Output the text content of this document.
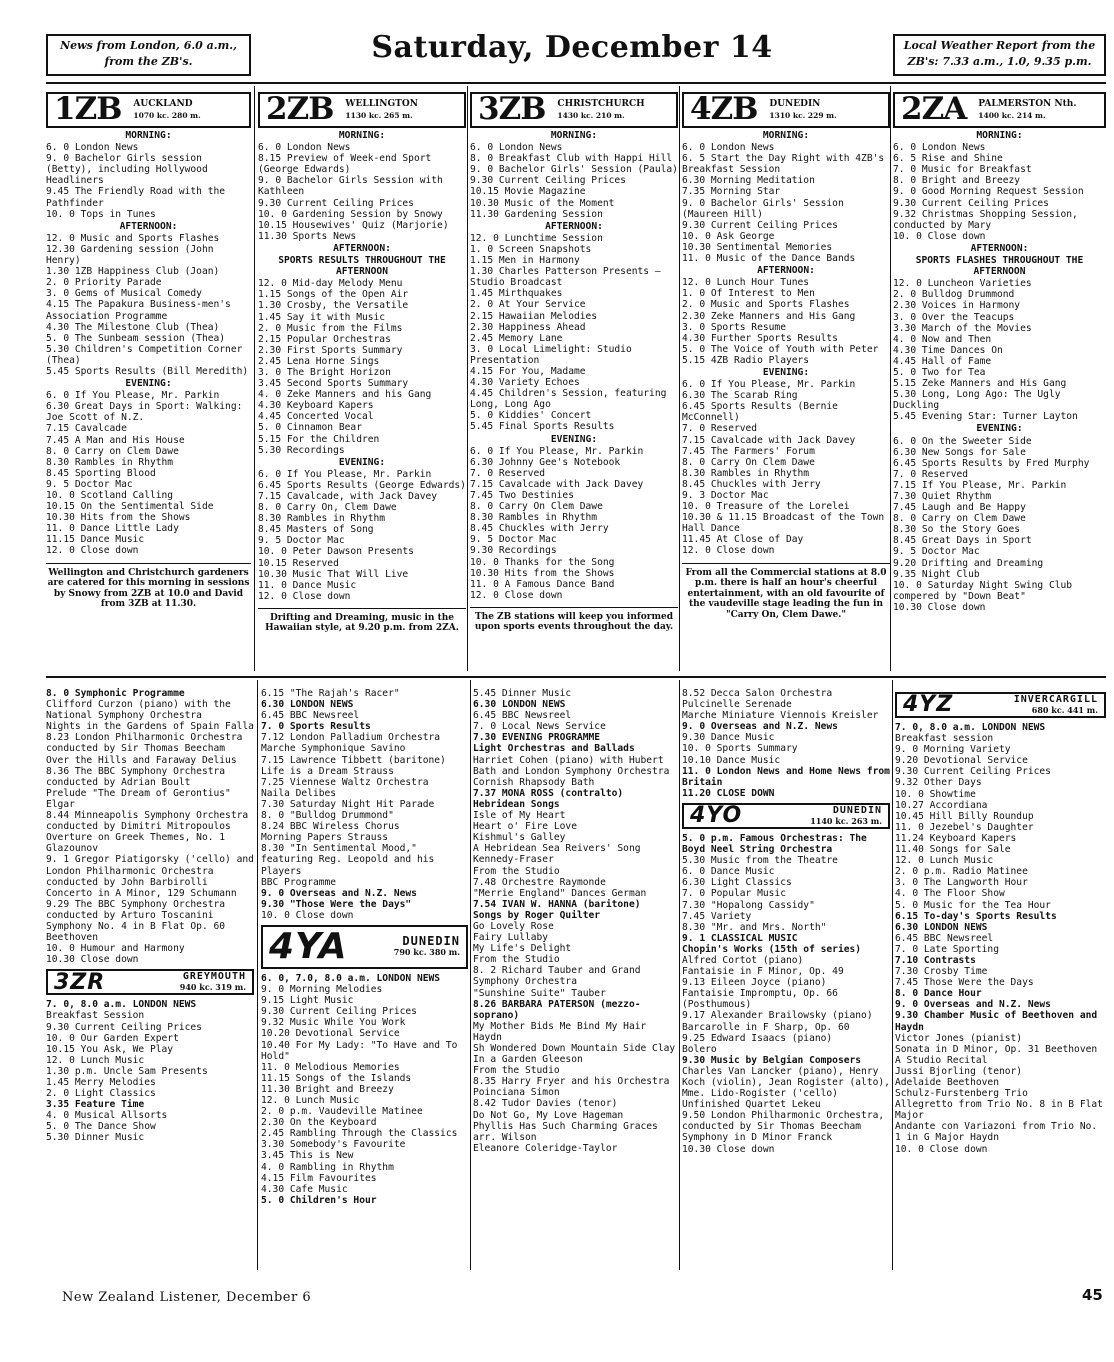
News from London, 6.0 a.m., from the ZB's.	Saturday, December 14	Local Weather Report from the ZB's: 7.33 a.m., 1.0, 9.35 p.m.
1ZB	AUCKLAND
1070 kc. 280 m.
MORNING:
6. 0 London News
9. 0 Bachelor Girls session (Betty), including Hollywood Headliners
9.45 The Friendly Road with the Pathfinder
10. 0 Tops in Tunes
AFTERNOON:
12. 0 Music and Sports Flashes
12.30 Gardening session (John Henry)
1.30 1ZB Happiness Club (Joan)
2. 0 Priority Parade
3. 0 Gems of Musical Comedy
4.15 The Papakura Business-men's Association Programme
4.30 The Milestone Club (Thea)
5. 0 The Sunbeam session (Thea)
5.30 Children's Competition Corner (Thea)
5.45 Sports Results (Bill Meredith)
EVENING:
6. 0 If You Please, Mr. Parkin
6.30 Great Days in Sport: Walking: Joe Scott of N.Z.
7.15 Cavalcade
7.45 A Man and His House
8. 0 Carry on Clem Dawe
8.30 Rambles in Rhythm
8.45 Sporting Blood
9. 5 Doctor Mac
10. 0 Scotland Calling
10.15 On the Sentimental Side
10.30 Hits from the Shows
11. 0 Dance Little Lady
11.15 Dance Music
12. 0 Close down
Wellington and Christchurch gardeners are catered for this morning in sessions by Snowy from 2ZB at 10.0 and David from 3ZB at 11.30.
2ZB	WELLINGTON
1130 kc. 265 m.
MORNING:
6. 0 London News
8.15 Preview of Week-end Sport (George Edwards)
9. 0 Bachelor Girls Session with Kathleen
9.30 Current Ceiling Prices
10. 0 Gardening Session by Snowy
10.15 Housewives' Quiz (Marjorie)
11.30 Sports News
AFTERNOON:
SPORTS RESULTS THROUGHOUT THE AFTERNOON
12. 0 Mid-day Melody Menu
1.15 Songs of the Open Air
1.30 Crosby, the Versatile
1.45 Say it with Music
2. 0 Music from the Films
2.15 Popular Orchestras
2.30 First Sports Summary
2.45 Lena Horne Sings
3. 0 The Bright Horizon
3.45 Second Sports Summary
4. 0 Zeke Manners and his Gang
4.30 Keyboard Kapers
4.45 Concerted Vocal
5. 0 Cinnamon Bear
5.15 For the Children
5.30 Recordings
EVENING:
6. 0 If You Please, Mr. Parkin
6.45 Sports Results (George Edwards)
7.15 Cavalcade, with Jack Davey
8. 0 Carry On, Clem Dawe
8.30 Rambles in Rhythm
8.45 Masters of Song
9. 5 Doctor Mac
10. 0 Peter Dawson Presents
10.15 Reserved
10.30 Music That Will Live
11. 0 Dance Music
12. 0 Close down
Drifting and Dreaming, music in the Hawaiian style, at 9.20 p.m. from 2ZA.
3ZB	CHRISTCHURCH
1430 kc. 210 m.
MORNING:
6. 0 London News
8. 0 Breakfast Club with Happi Hill
9. 0 Bachelor Girls' Session (Paula)
9.30 Current Ceiling Prices
10.15 Movie Magazine
10.30 Music of the Moment
11.30 Gardening Session
AFTERNOON:
12. 0 Lunchtime Session
1. 0 Screen Snapshots
1.15 Men in Harmony
1.30 Charles Patterson Presents —Studio Broadcast
1.45 Mirthquakes
2. 0 At Your Service
2.15 Hawaiian Melodies
2.30 Happiness Ahead
2.45 Memory Lane
3. 0 Local Limelight: Studio Presentation
4.15 For You, Madame
4.30 Variety Echoes
4.45 Children's Session, featuring Long, Long Ago
5. 0 Kiddies' Concert
5.45 Final Sports Results
EVENING:
6. 0 If You Please, Mr. Parkin
6.30 Johnny Gee's Notebook
7. 0 Reserved
7.15 Cavalcade with Jack Davey
7.45 Two Destinies
8. 0 Carry On Clem Dawe
8.30 Rambles in Rhythm
8.45 Chuckles with Jerry
9. 5 Doctor Mac
9.30 Recordings
10. 0 Thanks for the Song
10.30 Hits from the Shows
11. 0 A Famous Dance Band
12. 0 Close down
The ZB stations will keep you informed upon sports events throughout the day.
4ZB	DUNEDIN
1310 kc. 229 m.
MORNING:
6. 0 London News
6. 5 Start the Day Right with 4ZB's Breakfast Session
6.30 Morning Meditation
7.35 Morning Star
9. 0 Bachelor Girls' Session (Maureen Hill)
9.30 Current Ceiling Prices
10. 0 Ask George
10.30 Sentimental Memories
11. 0 Music of the Dance Bands
AFTERNOON:
12. 0 Lunch Hour Tunes
1. 0 Of Interest to Men
2. 0 Music and Sports Flashes
2.30 Zeke Manners and His Gang
3. 0 Sports Resume
4.30 Further Sports Results
5. 0 The Voice of Youth with Peter
5.15 4ZB Radio Players
EVENING:
6. 0 If You Please, Mr. Parkin
6.30 The Scarab Ring
6.45 Sports Results (Bernie McConnell)
7. 0 Reserved
7.15 Cavalcade with Jack Davey
7.45 The Farmers' Forum
8. 0 Carry On Clem Dawe
8.30 Rambles in Rhythm
8.45 Chuckles with Jerry
9. 3 Doctor Mac
10. 0 Treasure of the Lorelei
10.30 & 11.15 Broadcast of the Town Hall Dance
11.45 At Close of Day
12. 0 Close down
From all the Commercial stations at 8.0 p.m. there is half an hour's cheerful entertainment, with an old favourite of the vaudeville stage leading the fun in "Carry On, Clem Dawe."
2ZA	PALMERSTON Nth.
1400 kc. 214 m.
MORNING:
6. 0 London News
6. 5 Rise and Shine
7. 0 Music for Breakfast
8. 0 Bright and Breezy
9. 0 Good Morning Request Session
9.30 Current Ceiling Prices
9.32 Christmas Shopping Session, conducted by Mary
10. 0 Close down
AFTERNOON:
SPORTS FLASHES THROUGHOUT THE AFTERNOON
12. 0 Luncheon Varieties
2. 0 Bulldog Drummond
2.30 Voices in Harmony
3. 0 Over the Teacups
3.30 March of the Movies
4. 0 Now and Then
4.30 Time Dances On
4.45 Hall of Fame
5. 0 Two for Tea
5.15 Zeke Manners and His Gang
5.30 Long, Long Ago: The Ugly Duckling
5.45 Evening Star: Turner Layton
EVENING:
6. 0 On the Sweeter Side
6.30 New Songs for Sale
6.45 Sports Results by Fred Murphy
7. 0 Reserved
7.15 If You Please, Mr. Parkin
7.30 Quiet Rhythm
7.45 Laugh and Be Happy
8. 0 Carry on Clem Dawe
8.30 So the Story Goes
8.45 Great Days in Sport
9. 5 Doctor Mac
9.20 Drifting and Dreaming
9.35 Night Club
10. 0 Saturday Night Swing Club compered by "Down Beat"
10.30 Close down
8. 0 Symphonic Programme
Clifford Curzon (piano) with the National Symphony Orchestra
Nights in the Gardens of Spain Falla
8.23 London Philharmonic Orchestra conducted by Sir Thomas Beecham
Over the Hills and Faraway Delius
8.36 The BBC Symphony Orchestra conducted by Adrian Boult
Prelude "The Dream of Gerontius" Elgar
8.44 Minneapolis Symphony Orchestra conducted by Dimitri Mitropoulos
Overture on Greek Themes, No. 1 Glazounov
9. 1 Gregor Piatigorsky ('cello) and London Philharmonic Orchestra conducted by John Barbirolli
Concerto in A Minor, 129 Schumann
9.29 The BBC Symphony Orchestra conducted by Arturo Toscanini
Symphony No. 4 in B Flat Op. 60 Beethoven
10. 0 Humour and Harmony
10.30 Close down
3ZR	GREYMOUTH
940 kc. 319 m.
7. 0, 8.0 a.m. LONDON NEWS
Breakfast Session
9.30 Current Ceiling Prices
10. 0 Our Garden Expert
10.15 You Ask, We Play
12. 0 Lunch Music
1.30 p.m. Uncle Sam Presents
1.45 Merry Melodies
2. 0 Light Classics
3.35 Feature Time
4. 0 Musical Allsorts
5. 0 The Dance Show
5.30 Dinner Music
6.15 "The Rajah's Racer"
6.30 LONDON NEWS
6.45 BBC Newsreel
7. 0 Sports Results
7.12 London Palladium Orchestra
Marche Symphonique Savino
7.15 Lawrence Tibbett (baritone)
Life is a Dream Strauss
7.25 Viennese Waltz Orchestra
Naila Delibes
7.30 Saturday Night Hit Parade
8. 0 "Bulldog Drummond"
8.24 BBC Wireless Chorus
Morning Papers Strauss
8.30 "In Sentimental Mood," featuring Reg. Leopold and his Players
BBC Programme
9. 0 Overseas and N.Z. News
9.30 "Those Were the Days"
10. 0 Close down
4YA	DUNEDIN
790 kc. 380 m.
6. 0, 7.0, 8.0 a.m. LONDON NEWS
9. 0 Morning Melodies
9.15 Light Music
9.30 Current Ceiling Prices
9.32 Music While You Work
10.20 Devotional Service
10.40 For My Lady: "To Have and To Hold"
11. 0 Melodious Memories
11.15 Songs of the Islands
11.30 Bright and Breezy
12. 0 Lunch Music
2. 0 p.m. Vaudeville Matinee
2.30 On the Keyboard
2.45 Rambling Through the Classics
3.30 Somebody's Favourite
3.45 This is New
4. 0 Rambling in Rhythm
4.15 Film Favourites
4.30 Cafe Music
5. 0 Children's Hour
5.45 Dinner Music
6.30 LONDON NEWS
6.45 BBC Newsreel
7. 0 Local News Service
7.30 EVENING PROGRAMME
Light Orchestras and Ballads
Harriet Cohen (piano) with Hubert Bath and London Symphony Orchestra
Cornish Rhapsody Bath
7.37 MONA ROSS (contralto)
Hebridean Songs
Isle of My Heart
Heart o' Fire Love
Kishmul's Galley
A Hebridean Sea Reivers' Song Kennedy-Fraser
From the Studio
7.48 Orchestre Raymonde
"Merrie England" Dances German
7.54 IVAN W. HANNA (baritone)
Songs by Roger Quilter
Go Lovely Rose
Fairy Lullaby
My Life's Delight
From the Studio
8. 2 Richard Tauber and Grand Symphony Orchestra
"Sunshine Suite" Tauber
8.26 BARBARA PATERSON (mezzo-soprano)
My Mother Bids Me Bind My Hair Haydn
Sh Wondered Down Mountain Side Clay
In a Garden Gleeson
From the Studio
8.35 Harry Fryer and his Orchestra
Poinciana Simon
8.42 Tudor Davies (tenor)
Do Not Go, My Love Hageman
Phyllis Has Such Charming Graces arr. Wilson
Eleanore Coleridge-Taylor
8.52 Decca Salon Orchestra
Pulcinelle Serenade
Marche Miniature Viennois Kreisler
9. 0 Overseas and N.Z. News
9.30 Dance Music
10. 0 Sports Summary
10.10 Dance Music
11. 0 London News and Home News from Britain
11.20 CLOSE DOWN
4YO	DUNEDIN
1140 kc. 263 m.
5. 0 p.m. Famous Orchestras: The Boyd Neel String Orchestra
5.30 Music from the Theatre
6. 0 Dance Music
6.30 Light Classics
7. 0 Popular Music
7.30 "Hopalong Cassidy"
7.45 Variety
8.30 "Mr. and Mrs. North"
9. 1 CLASSICAL MUSIC
Chopin's Works (15th of series)
Alfred Cortot (piano)
Fantaisie in F Minor, Op. 49
9.13 Eileen Joyce (piano)
Fantaisie Impromptu, Op. 66 (Posthumous)
9.17 Alexander Brailowsky (piano)
Barcarolle in F Sharp, Op. 60
9.25 Edward Isaacs (piano)
Bolero
9.30 Music by Belgian Composers
Charles Van Lancker (piano), Henry Koch (violin), Jean Rogister (alto), Mme. Lido-Rogister ('cello)
Unfinished Quartet Lekeu
9.50 London Philharmonic Orchestra, conducted by Sir Thomas Beecham
Symphony in D Minor Franck
10.30 Close down
4YZ	INVERCARGILL
680 kc. 441 m.
7. 0, 8.0 a.m. LONDON NEWS
Breakfast session
9. 0 Morning Variety
9.20 Devotional Service
9.30 Current Ceiling Prices
9.32 Other Days
10. 0 Showtime
10.27 Accordiana
10.45 Hill Billy Roundup
11. 0 Jezebel's Daughter
11.24 Keyboard Kapers
11.40 Songs for Sale
12. 0 Lunch Music
2. 0 p.m. Radio Matinee
3. 0 The Langworth Hour
4. 0 The Floor Show
5. 0 Music for the Tea Hour
6.15 To-day's Sports Results
6.30 LONDON NEWS
6.45 BBC Newsreel
7. 0 Late Sporting
7.10 Contrasts
7.30 Crosby Time
7.45 Those Were the Days
8. 0 Dance Hour
9. 0 Overseas and N.Z. News
9.30 Chamber Music of Beethoven and Haydn
Victor Jones (pianist)
Sonata in D Minor, Op. 31 Beethoven
A Studio Recital
Jussi Bjorling (tenor)
Adelaide Beethoven
Schulz-Furstenberg Trio
Allegretto from Trio No. 8 in B Flat Major
Andante con Variazoni from Trio No. 1 in G Major Haydn
10. 0 Close down
New Zealand Listener, December 6	45
